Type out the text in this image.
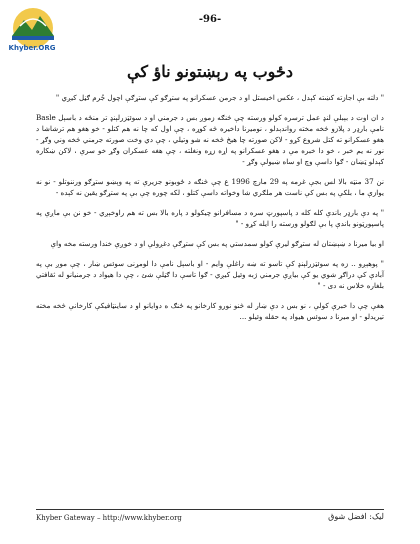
-96-
Khyber.ORG
دځوب په رېښتونو ناؤ کې

" دلته بې اجازته کښته کېدل ، عکس اخیستل او د جرمن عسکرانو په ستړګو کې ستړګې اچول جُرم ګڼل کیږي "

د ان اوت د بېبلې لنډ عمل ترسره کولو ورسته چې څنګه زموږ بس د جرمني او د سوئټزرلېنډ تر منځه د باسېل Basle نامې بارډر د پلازو څخه مخته رواندېدلو ، نومیرنا داخیره څه کوړه ، چې اول که چا نه هم کتلو - خو هغو هم ترشاشا د هغو عسکرانو ته کتل شروع کړو - لاکن صورته چا هیڅ څخه نه شو وتیلي ، چې دي وخت صورته جرمني څخه وني وګړ - نور نه یم خبر ، خو دا خبره مې د هغو عسکرانو په اړه زړه ونغلته ، چې هغه عسکران وګړ خو سرې ، لاکن ښکاره کېدلو ټښان - ګوا داسې وچ او ساه ښیولې وګړ -

نن 37 منټه بالا لس بجې غرمه په 29 مارچ 1996 ع چې څنګه د ځوبونو جزیرې ته په وېښو ستړګو ورننوتلو - نو نه یوازې ما ، بلکې په بس کې ناست هر ملګري شا وخواته داسې کتلو ، لکه چوره چې بې په ستړګو یقین نه کېده -

" په دې بارډر باندې کله کله د پاسپورټ سره د مسافرانو چیکولو د پاره بالا بس ته هم راوخېږي - خو نن بې ماږې په پاسپورټونو باندې پا بې لګولو ورسته را ایله کړو - "

او بیا میرنا د ښېښتان له ستړګو لیرې کولو سمدستي په بس کې ستړګې دغږولې او د خوږې خندا ورسته مخه واې

" پوهېږو .. زه په سوئټزرلېنډ کې تاسو ته ښه راغلې وایم - او باسېل نامې دا لومړنی سوئس ښار ، چې موږ بې په آبادې کې دراګړ شوي یو کې بیاږې جرمني ژبه وئیل کیږي - ګوا تاسې دا ګڼلې شئ ، چې دا هیواد د جرمنیانو له ثقافتي بلغاره خلاس نه دی - "

هغې چې دا خبرې کولې ، نو بس د دې ښار له څنو نورو کارخانو په ځنګ ه دوایانو او د ساینټافیکې کارخانې څخه مخته تیریدلو - او میرنا د سوئس هیواد په حقله وئیلو ...

Khyber Gateway – http://www.khyber.org	لیک: افضل شوق
